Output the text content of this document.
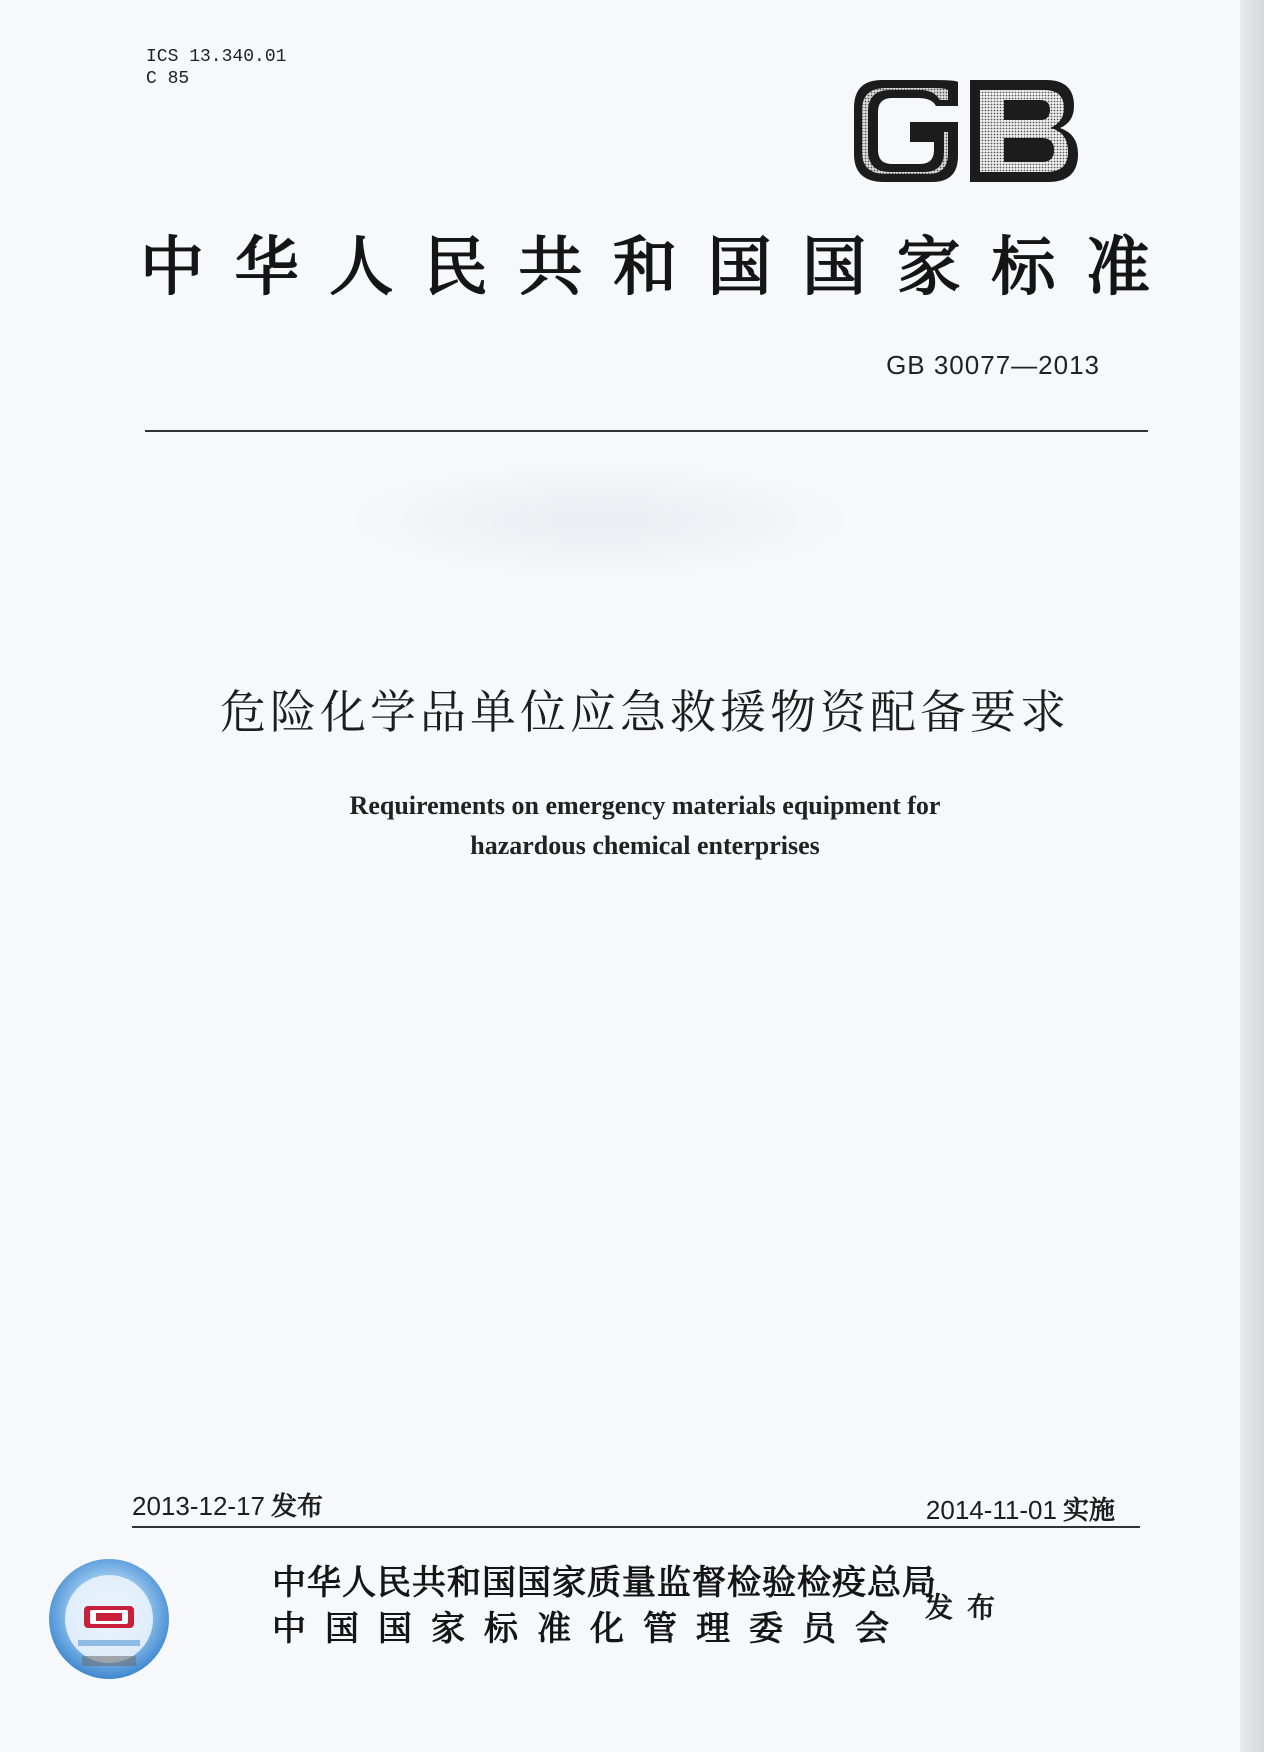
ICS 13.340.01
C 85
中 华 人 民 共 和 国 国 家 标 准
GB 30077—2013
危险化学品单位应急救援物资配备要求
Requirements on emergency materials equipment for
hazardous chemical enterprises
2013-12-17 发布	2014-11-01 实施
中华人民共和国国家质量监督检验检疫总局
中国国家标准化管理委员会
发布
